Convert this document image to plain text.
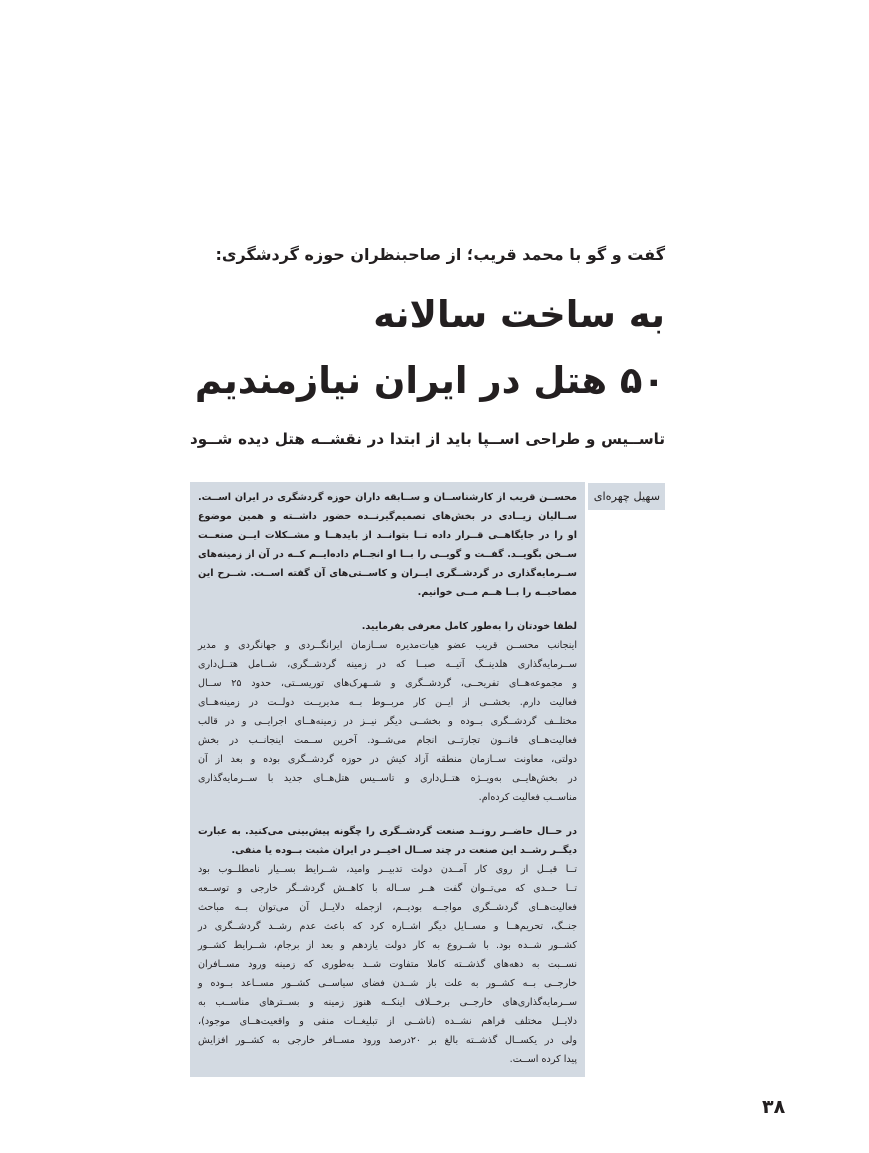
گفت و گو با محمد قریب؛ از صاحبنظران حوزه گردشگری:
به ساخت سالانه
۵۰ هتل در ایران نیازمندیم
تاســیس و طراحی اســپا باید از ابتدا در نقشــه هتل دیده شــود
سهیل چهره‌ای
محســن قریب از کارشناســان و ســابقه داران حوزه گردشگری در ایران اســت.
ســالیان زیــادی در بخش‌های تصمیم‌گیرنــده حضور داشــته و همین موضوع
او را در جایگاهــی قــرار داده تــا بتوانــد از بایدهــا و مشــکلات ایــن صنعــت
ســخن بگویــد. گفــت و گویــی را بــا او انجــام داده‌ایــم کــه در آن از زمینه‌های
ســرمایه‌گذاری در گردشــگری ایــران و کاســتی‌های آن گفته اســت. شــرح این
مصاحبــه را بــا هــم مــی خوانیم.
لطفا خودتان را به‌طور کامل معرفی بفرمایید.
اینجانب محســن قریب عضو هیات‌مدیره ســازمان ایرانگــردی و جهانگردی و مدیر
ســرمایه‌گذاری هلدینــگ آتیــه صبــا که در زمینه گردشــگری، شــامل هتــل‌داری
و مجموعه‌هــای تفریحــی، گردشــگری و شــهرک‌های توریســتی، حدود ۲۵ ســال
فعالیت دارم. بخشــی از ایــن کار مربــوط بــه مدیریــت دولــت در زمینه‌هــای
مختلــف گردشــگری بــوده و بخشــی دیگر نیــز در زمینه‌هــای اجرایــی و در قالب
فعالیت‌هــای قانــون تجارتــی انجام می‌شــود. آخرین ســمت اینجانــب در بخش
دولتی، معاونت ســازمان منطقه آزاد کیش در حوزه گردشــگری بوده و بعد از آن
در بخش‌هایــی به‌ویــژه هتــل‌داری و تاســیس هتل‌هــای جدید با ســرمایه‌گذاری
مناســب فعالیت کرده‌ام.
در حــال حاضــر رونــد صنعت گردشــگری را چگونه پیش‌بینی می‌کنید. به عبارت
دیگــر رشــد این صنعت در چند ســال اخیــر در ایران مثبت بــوده یا منفی.
تــا قبــل از روی کار آمــدن دولت تدبیــر وامید، شــرایط بســیار نامطلــوب بود
تــا حــدی که می‌تــوان گفت هــر ســاله با کاهــش گردشــگر خارجی و توســعه
فعالیت‌هــای گردشــگری مواجــه بودیــم، ازجمله دلایــل آن می‌توان بــه مباحث
جنــگ، تحریم‌هــا و مســایل دیگر اشــاره کرد که باعث عدم رشــد گردشــگری در
کشــور شــده بود. با شــروع به کار دولت یازدهم و بعد از برجام، شــرایط کشــور
نســبت به دهه‌های گذشــته کاملا متفاوت شــد به‌طوری که زمینه ورود مســافران
خارجــی بــه کشــور به علت باز شــدن فضای سیاســی کشــور مســاعد بــوده و
ســرمایه‌گذاری‌های خارجــی برخــلاف اینکــه هنوز زمینه و بســترهای مناســب به
دلایــل مختلف فراهم نشــده (ناشــی از تبلیغــات منفی و واقعیت‌هــای موجود)،
ولی در یکســال گذشــته بالغ بر ۲۰درصد ورود مســافر خارجی به کشــور افزایش
پیدا کرده اســت.
۳۸
